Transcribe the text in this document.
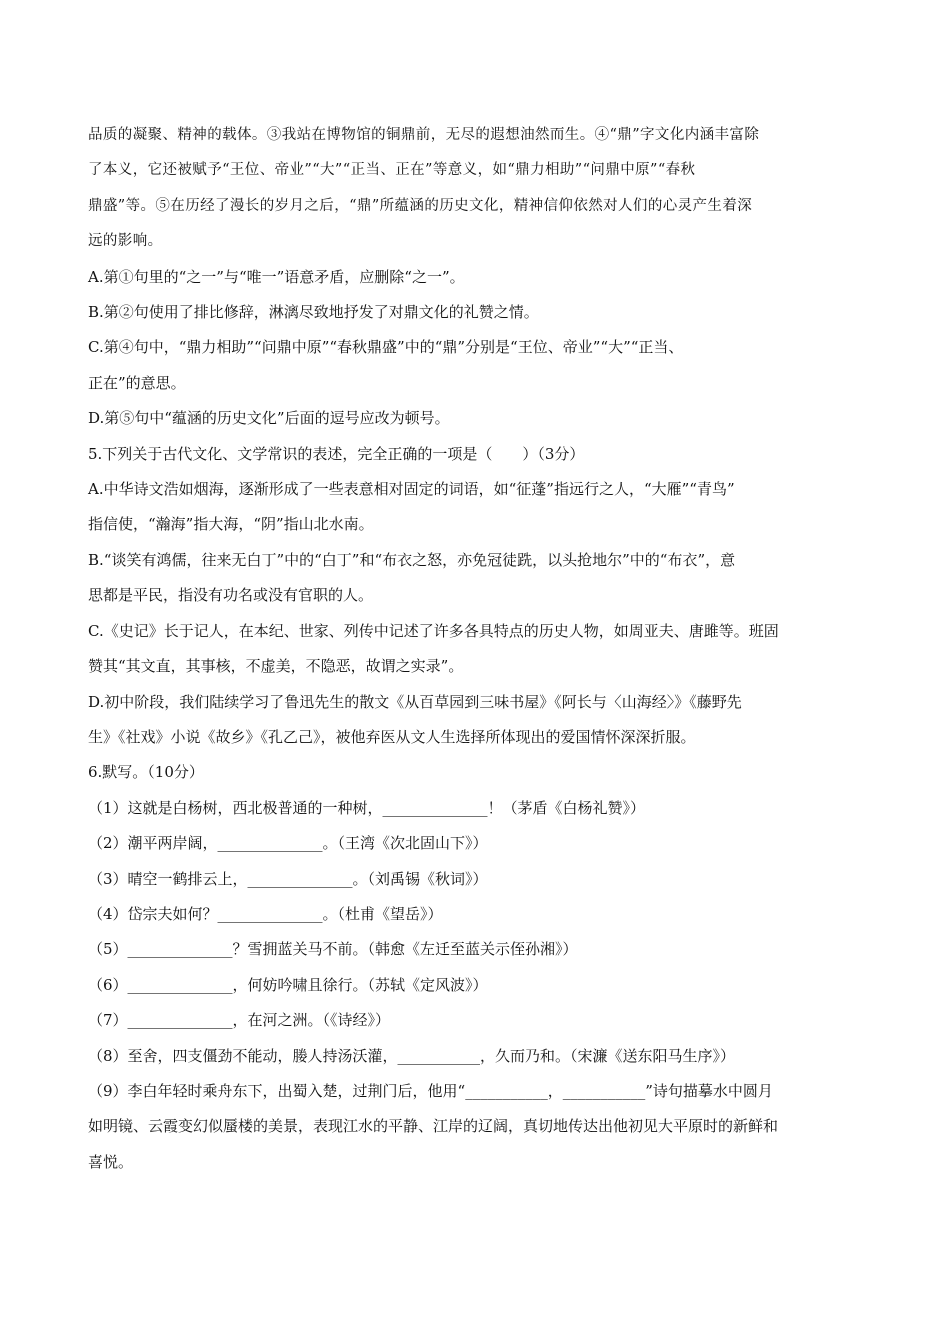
品质的凝聚、精神的载体。③我站在博物馆的铜鼎前，无尽的遐想油然而生。④“鼎”字文化内涵丰富除
了本义，它还被赋予“王位、帝业”“大”“正当、正在”等意义，如“鼎力相助”“问鼎中原”“春秋
鼎盛”等。⑤在历经了漫长的岁月之后，“鼎”所蕴涵的历史文化，精神信仰依然对人们的心灵产生着深
远的影响。
A.第①句里的“之一”与“唯一”语意矛盾，应删除“之一”。
B.第②句使用了排比修辞，淋漓尽致地抒发了对鼎文化的礼赞之情。
C.第④句中，“鼎力相助”“问鼎中原”“春秋鼎盛”中的“鼎”分别是“王位、帝业”“大”“正当、
正在”的意思。
D.第⑤句中“蕴涵的历史文化”后面的逗号应改为顿号。
5.下列关于古代文化、文学常识的表述，完全正确的一项是（　　）（3分）
A.中华诗文浩如烟海，逐渐形成了一些表意相对固定的词语，如“征蓬”指远行之人，“大雁”“青鸟”
指信使，“瀚海”指大海，“阴”指山北水南。
B.“谈笑有鸿儒，往来无白丁”中的“白丁”和“布衣之怒，亦免冠徒跣，以头抢地尔”中的“布衣”，意
思都是平民，指没有功名或没有官职的人。
C.《史记》长于记人，在本纪、世家、列传中记述了许多各具特点的历史人物，如周亚夫、唐雎等。班固
赞其“其文直，其事核，不虚美，不隐恶，故谓之实录”。
D.初中阶段，我们陆续学习了鲁迅先生的散文《从百草园到三味书屋》《阿长与〈山海经〉》《藤野先
生》《社戏》小说《故乡》《孔乙己》，被他弃医从文人生选择所体现出的爱国情怀深深折服。
6.默写。（10分）
（1）这就是白杨树，西北极普通的一种树，______________！（茅盾《白杨礼赞》）
（2）潮平两岸阔，______________。（王湾《次北固山下》）
（3）晴空一鹤排云上，______________。（刘禹锡《秋词》）
（4）岱宗夫如何？______________。（杜甫《望岳》）
（5）______________？雪拥蓝关马不前。（韩愈《左迁至蓝关示侄孙湘》）
（6）______________，何妨吟啸且徐行。（苏轼《定风波》）
（7）______________，在河之洲。（《诗经》）
（8）至舍，四支僵劲不能动，媵人持汤沃灌，___________，久而乃和。（宋濂《送东阳马生序》）
（9）李白年轻时乘舟东下，出蜀入楚，过荆门后，他用“___________，___________”诗句描摹水中圆月
如明镜、云霞变幻似蜃楼的美景，表现江水的平静、江岸的辽阔，真切地传达出他初见大平原时的新鲜和
喜悦。
